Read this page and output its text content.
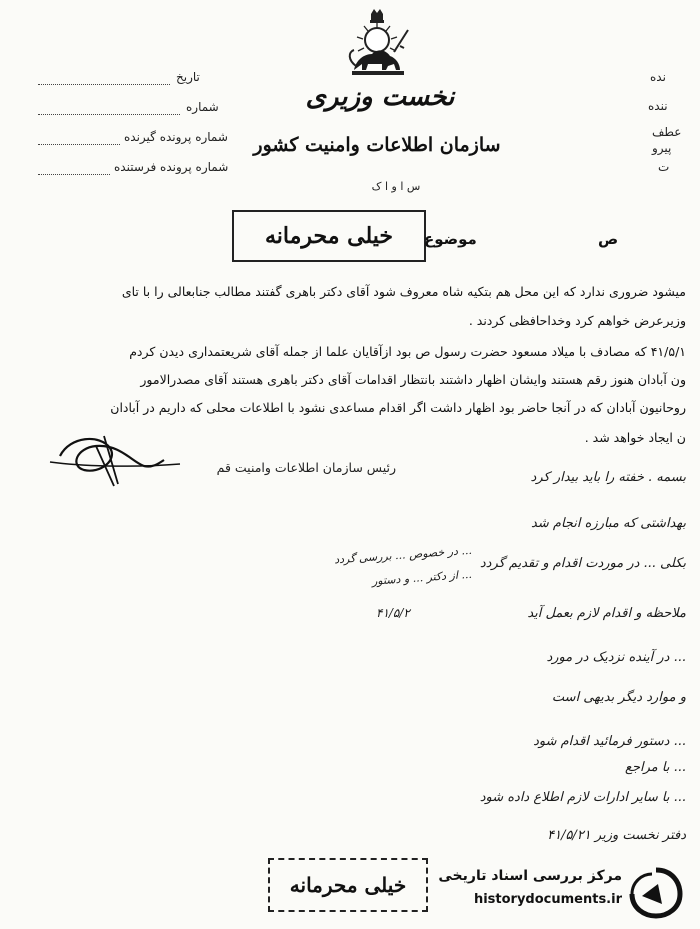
نده
ننده
عطف
پیرو
ت
تاریخ
شماره
شماره پرونده گیرنده
شماره پرونده فرستنده
نخست وزیری
سازمان اطلاعات وامنیت کشور
س ا و ا ک
خیلی محرمانه	موضوع	ص
میشود ضروری ندارد که این محل هم بتکیه شاه معروف شود آقای دکتر باهری گفتند مطالب جنابعالی را با تای
وزیرعرض خواهم کرد وخداحافظی کردند .
۴۱/۵/۱ که مصادف با میلاد مسعود حضرت رسول ص بود ازآقایان علما از جمله آقای شریعتمداری دیدن کردم
ون آبادان هنوز رقم هستند وایشان اظهار داشتند بانتظار اقدامات آقای دکتر باهری هستند آقای مصدرالامور
روحانیون آبادان که در آنجا حاضر بود اظهار داشت اگر اقدام مساعدی نشود با اطلاعات محلی که داریم در آبادان
ن ایجاد خواهد شد .
رئیس سازمان اطلاعات وامنیت قم
بسمه . خفته را باید بیدار کرد
بهداشتی که مبارزه انجام شد
بکلی ... در موردت اقدام و تقدیم گردد
ملاحظه و اقدام لازم بعمل آید
... در آینده نزدیک در مورد
و موارد دیگر بدیهی است
... دستور فرمائید اقدام شود
... با مراجع
... با سایر ادارات لازم اطلاع داده شود
دفتر نخست وزیر ۴۱/۵/۲۱
... در خصوص ... بررسی گردد
... از دکتر ... و دستور
۴۱/۵/۲
خیلی محرمانه	مرکز بررسی اسناد تاریخی
historydocuments.ir
